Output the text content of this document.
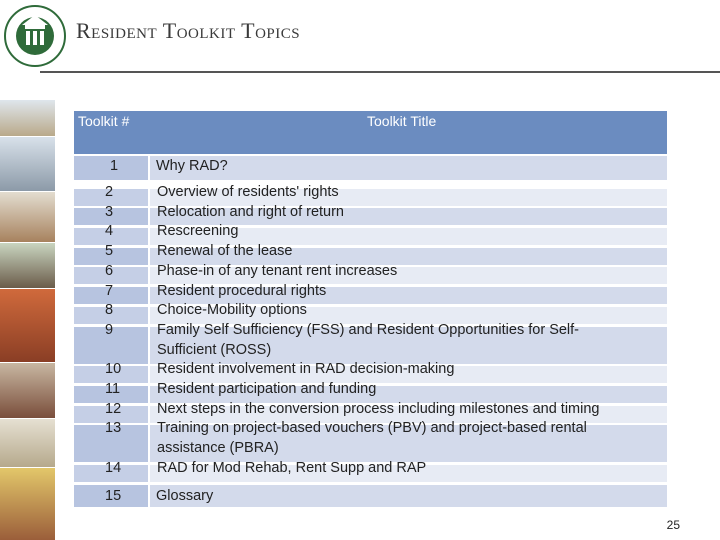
Resident Toolkit Topics
Toolkit #	Toolkit Title
1	Why RAD?
2
3
4
5
6
7
8
9

10
11
12
13

14
Overview of residents' rights
Relocation and right of return
Rescreening
Renewal of the lease
Phase-in of any tenant rent increases
Resident procedural rights
Choice-Mobility options
Family Self Sufficiency (FSS) and Resident Opportunities for Self-Sufficient (ROSS)
Resident involvement in RAD decision-making
Resident participation and funding
Next steps in the conversion process including milestones and timing
Training on project-based vouchers (PBV) and project-based rental assistance (PBRA)
RAD for Mod Rehab, Rent Supp and RAP
15 Glossary
25
